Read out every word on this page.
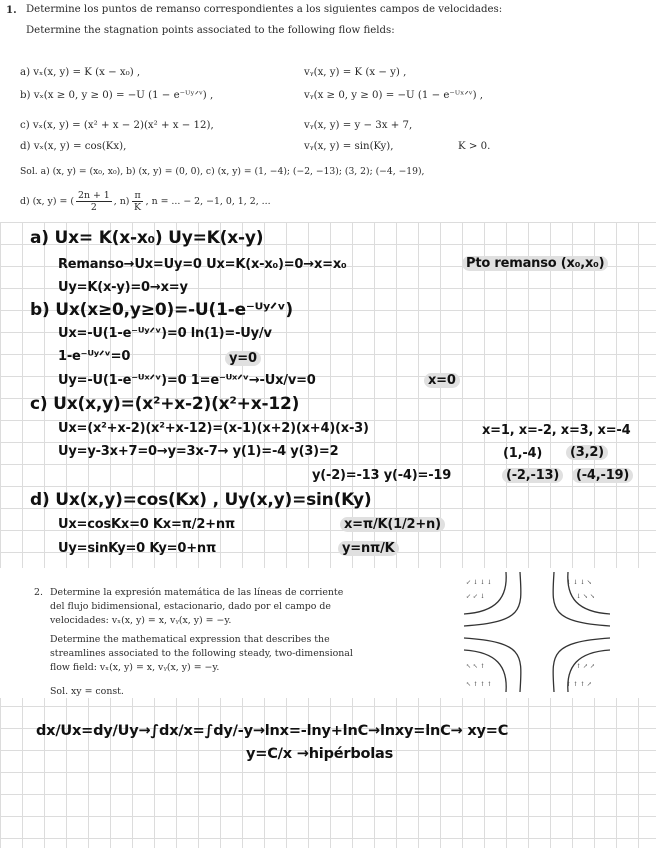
1. Determine los puntos de remanso correspondientes a los siguientes campos de velocidades:
Determine the stagnation points associated to the following flow fields:
a) vₓ(x, y) = K (x − x₀) ,	vᵧ(x, y) = K (x − y) ,
b) vₓ(x ≥ 0, y ≥ 0) = −U (1 − e⁻ᵁʸᐟᵛ) ,	vᵧ(x ≥ 0, y ≥ 0) = −U (1 − e⁻ᵁˣᐟᵛ) ,
c) vₓ(x, y) = (x² + x − 2)(x² + x − 12),	vᵧ(x, y) = y − 3x + 7,
d) vₓ(x, y) = cos(Kx),	vᵧ(x, y) = sin(Ky),	K > 0.
Sol. a) (x, y) = (x₀, x₀), b) (x, y) = (0, 0), c) (x, y) = (1, −4); (−2, −13); (3, 2); (−4, −19),
d) (x, y) = ( $\frac{2n + 1}{2}$ , $n) \frac{\pi}{K}$ , n = ... − 2, −1, 0, 1, 2, ...
a) Ux= K(x-x₀) Uy=K(x-y)
Remanso→Ux=Uy=0 Ux=K(x-x₀)=0→x=x₀	Pto remanso (x₀,x₀)
Uy=K(x-y)=0→x=y
b) Ux(x≥0,y≥0)=-U(1-e⁻ᵁʸᐟᵛ)
Ux=-U(1-e⁻ᵁʸᐟᵛ)=0 ln(1)=-Uy/v
1-e⁻ᵁʸᐟᵛ=0	y=0
Uy=-U(1-e⁻ᵁˣᐟᵛ)=0 1=e⁻ᵁˣᐟᵛ→-Ux/v=0	x=0
c) Ux(x,y)=(x²+x-2)(x²+x-12)
Ux=(x²+x-2)(x²+x-12)=(x-1)(x+2)(x+4)(x-3)	x=1, x=-2, x=3, x=-4
Uy=y-3x+7=0→y=3x-7→ y(1)=-4 y(3)=2	(3,2)
(1,-4)
y(-2)=-13 y(-4)=-19	(-2,-13)	(-4,-19)
d) Ux(x,y)=cos(Kx) , Uy(x,y)=sin(Ky)
Ux=cosKx=0 Kx=π/2+nπ	x=π/K(1/2+n)
Uy=sinKy=0 Ky=0+nπ	y=nπ/K
2. Determine la expresión matemática de las líneas de corriente
del flujo bidimensional, estacionario, dado por el campo de
velocidades: vₓ(x, y) = x, vᵧ(x, y) = −y.
Determine the mathematical expression that describes the
streamlines associated to the following steady, two-dimensional
flow field: vₓ(x, y) = x, vᵧ(x, y) = −y.
Sol. xy = const.
↙ ↓ ↓ ↓	↓ ↓ ↓ ↘
↙ ↙ ↓	↓ ↘ ↘
↖ ↖ ↑	↑ ↗ ↗
↖ ↑ ↑ ↑	↑ ↑ ↑ ↗
dx/Ux=dy/Uy→∫dx/x=∫dy/-y→lnx=-lny+lnC→lnxy=lnC→ xy=C
y=C/x →hipérbolas
